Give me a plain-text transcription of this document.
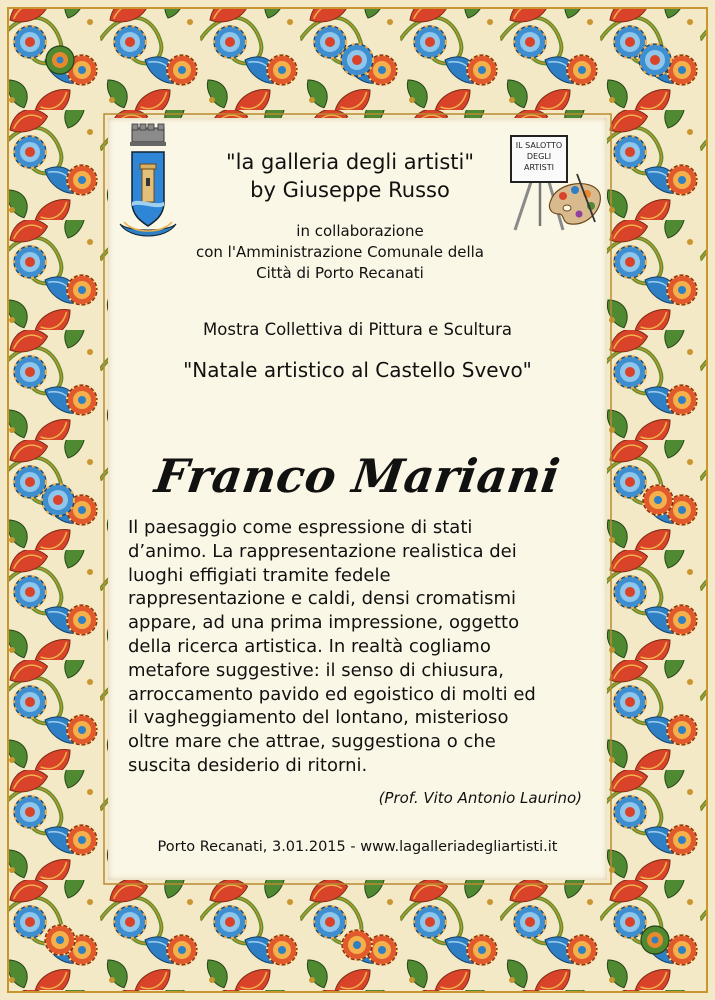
IL SALOTTO
DEGLI
ARTISTI
"la galleria degli artisti"
by Giuseppe Russo
in collaborazione
con l'Amministrazione Comunale della
Città di Porto Recanati
Mostra Collettiva di Pittura e Scultura
"Natale artistico al Castello Svevo"
Franco Mariani
Il paesaggio come espressione di stati
d’animo. La rappresentazione realistica dei
luoghi effigiati tramite fedele
rappresentazione e caldi, densi cromatismi
appare, ad una prima impressione, oggetto
della ricerca artistica. In realtà cogliamo
metafore suggestive: il senso di chiusura,
arroccamento pavido ed egoistico di molti ed
il vagheggiamento del lontano, misterioso
oltre mare che attrae, suggestiona o che
suscita desiderio di ritorni.
(Prof. Vito Antonio Laurino)
Porto Recanati, 3.01.2015 - www.lagalleriadegliartisti.it
